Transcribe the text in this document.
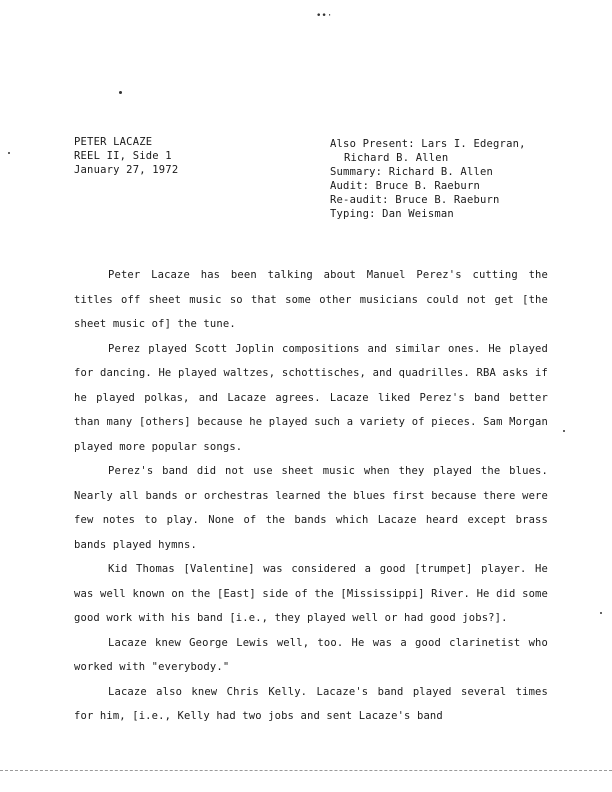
••·
PETER LACAZE
REEL II, Side 1
January 27, 1972
Also Present: Lars I. Edegran,
Richard B. Allen
Summary: Richard B. Allen
Audit: Bruce B. Raeburn
Re-audit: Bruce B. Raeburn
Typing: Dan Weisman

Peter Lacaze has been talking about Manuel Perez's cutting the titles off sheet music so that some other musicians could not get [the sheet music of] the tune.

Perez played Scott Joplin compositions and similar ones. He played for dancing. He played waltzes, schottisches, and quadrilles. RBA asks if he played polkas, and Lacaze agrees. Lacaze liked Perez's band better than many [others] because he played such a variety of pieces. Sam Morgan played more popular songs.

Perez's band did not use sheet music when they played the blues. Nearly all bands or orchestras learned the blues first because there were few notes to play. None of the bands which Lacaze heard except brass bands played hymns.

Kid Thomas [Valentine] was considered a good [trumpet] player. He was well known on the [East] side of the [Mississippi] River. He did some good work with his band [i.e., they played well or had good jobs?].

Lacaze knew George Lewis well, too. He was a good clarinetist who worked with "everybody."

Lacaze also knew Chris Kelly. Lacaze's band played several times for him, [i.e., Kelly had two jobs and sent Lacaze's band
